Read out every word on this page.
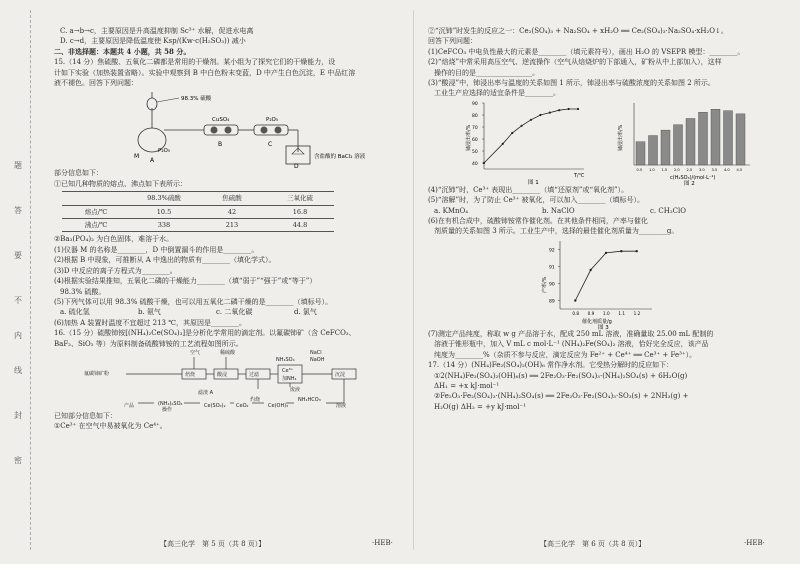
题
答
要
不
内
线
封
密
C. a→b→c，主要原因是升高温度抑制 Sc³⁺ 水解，促进水电离
D. c→d，主要原因是降低温度使 Ksp/(Kw·c(H₂SO₃)) 减小
二、非选择题：本题共 4 小题，共 58 分。
15.（14 分）焦硫酸、五氧化二磷都是常用的干燥剂。某小组为了探究它们的干燥能力，设
计如下实验（加热装置省略）。实验中观察到 B 中白色粉末变蓝，D 中产生白色沉淀，E 中品红溶
液不褪色。回答下列问题：
98.3% 硫酸
M
A
P₂O₅
CuSO₄
B
P₂O₅
C
D
含盐酸的 BaCl₂ 溶液
部分信息如下：
①已知几种物质的熔点、沸点如下表所示：
	98.3%硫酸	焦硫酸	三氧化硫
熔点/℃	10.5	42	16.8
沸点/℃	338	213	44.8
②Ba₃(PO₄)₂ 为白色固体，难溶于水。
(1)仪器 M 的名称是________，D 中倒置漏斗的作用是________。
(2)根据 B 中现象，可推断从 A 中逸出的物质有________（填化学式）。
(3)D 中反应的离子方程式为________。
(4)根据实验结果推知，五氧化二磷的干燥能力________（填“弱于”“强于”或“等于”）
98.3% 硫酸。
(5)下列气体可以用 98.3% 硫酸干燥，也可以用五氧化二磷干燥的是________（填标号）。
a. 硫化氢	b. 氨气	c. 二氧化碳	d. 氯气
(6)加热 A 装置时温度不宜超过 213 ℃，其原因是________。
16.（15 分）硫酸铈铵[(NH₄)₂Ce(SO₄)₃]是分析化学常用的滴定剂。以氟碳铈矿（含 CeFCO₃、
BaF₂、SiO₂ 等）为原料制备硫酸铈铵的工艺流程如图所示。
氟碳铈矿粉
空气	稀硫酸
NH₄SO₄
NaCl
NaOH
滤渣 A	废液
产品	(NH₄)₂SO₄
操作
Ce(SO₄)₂ CeO₂
灼烧
Ce(OH)₃
NH₄HCO₃
溶液
焙烧	酸浸	过滤
Ce³⁺
加NH₄
沉淀
已知部分信息如下：
①Ce³⁺ 在空气中易被氧化为 Ce⁴⁺。
②“沉铈”时发生的反应之一：Ce₂(SO₄)₃ + Na₂SO₄ + xH₂O ══ Ce₂(SO₄)₃·Na₂SO₄·xH₂O↓。
回答下列问题：
(1)CeFCO₃ 中电负性最大的元素是________（填元素符号），画出 H₂O 的 VSEPR 模型：________。
(2)“焙烧”中常采用高压空气、逆流操作（空气从焙烧炉的下部通入，矿粉从中上部加入），这样
操作的目的是________________。
(3)“酸浸”中，铈浸出率与温度的关系如图 1 所示，铈浸出率与硫酸浓度的关系如图 2 所示。
工业生产应选择的适宜条件是________。
铈浸出率/%
90
80
70
60
50
40
T/℃
图 1
铈浸出率/%
0.5 1.0 1.5 2.0 2.5 3.0 3.5 4.0 4.5
c(H₂SO₄)/(mol·L⁻¹)
图 2
(4)“沉铈”时，Ce³⁺ 表现出________（填“还原剂”或“氧化剂”）。
(5)“溶解”时，为了防止 Ce³⁺ 被氧化，可以加入________（填标号）。
a. KMnO₄	b. NaClO	c. CH₂ClO
(6)在有机合成中，硫酸铈铵常作催化剂。在其他条件相同，产率与催化
剂质量的关系如图 3 所示。工业生产中，选择的最佳催化剂质量为________g。
产率/%
92
91
90
89
0.8 0.9 1.0 1.1 1.2
催化剂质量/g
图 3
(7)测定产品纯度，称取 w g 产品溶于水，配成 250 mL 溶液，准确量取 25.00 mL 配制的
溶液于锥形瓶中，加入 V mL c mol·L⁻¹ (NH₄)₂Fe(SO₄)₂ 溶液，恰好完全反应，该产品
纯度为________%（杂质不参与反应，滴定反应为 Fe²⁺ + Ce⁴⁺ ══ Ce³⁺ + Fe³⁺）。
17.（14 分）(NH₄)Fe₂(SO₄)₂(OH)₆ 常作净水剂。它受热分解时的反应如下：
①2(NH₄)Fe₃(SO₄)₂(OH)₆(s) ══ 2Fe₂O₃·Fe₂(SO₄)₃·(NH₄)₂SO₄(s) + 6H₂O(g)
ΔH₁ = +x kJ·mol⁻¹
②Fe₂O₃·Fe₂(SO₄)₃·(NH₄)₂SO₄(s) ══ 2Fe₂O₃·Fe₂(SO₄)₃·SO₃(s) + 2NH₃(g) +
H₂O(g) ΔH₂ = +y kJ·mol⁻¹
【高三化学　第 5 页（共 8 页）】	·HEB·	【高三化学　第 6 页（共 8 页）】	·HEB·
